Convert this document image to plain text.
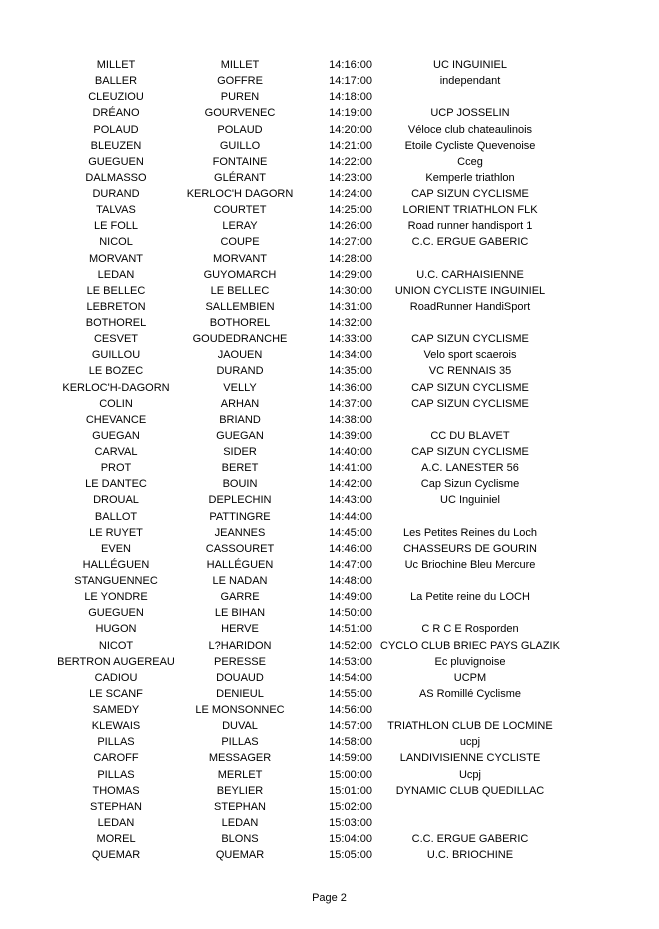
MILLET	MILLET	14:16:00	UC INGUINIEL
BALLER	GOFFRE	14:17:00	independant
CLEUZIOU	PUREN	14:18:00
DRÉANO	GOURVENEC	14:19:00	UCP JOSSELIN
POLAUD	POLAUD	14:20:00	Véloce club chateaulinois
BLEUZEN	GUILLO	14:21:00	Etoile Cycliste Quevenoise
GUEGUEN	FONTAINE	14:22:00	Cceg
DALMASSO	GLÉRANT	14:23:00	Kemperle triathlon
DURAND	KERLOC'H DAGORN	14:24:00	CAP SIZUN CYCLISME
TALVAS	COURTET	14:25:00	LORIENT TRIATHLON FLK
LE FOLL	LERAY	14:26:00	Road runner handisport 1
NICOL	COUPE	14:27:00	C.C. ERGUE GABERIC
MORVANT	MORVANT	14:28:00
LEDAN	GUYOMARCH	14:29:00	U.C. CARHAISIENNE
LE BELLEC	LE BELLEC	14:30:00	UNION CYCLISTE INGUINIEL
LEBRETON	SALLEMBIEN	14:31:00	RoadRunner HandiSport
BOTHOREL	BOTHOREL	14:32:00
CESVET	GOUDEDRANCHE	14:33:00	CAP SIZUN CYCLISME
GUILLOU	JAOUEN	14:34:00	Velo sport scaerois
LE BOZEC	DURAND	14:35:00	VC RENNAIS 35
KERLOC'H-DAGORN	VELLY	14:36:00	CAP SIZUN CYCLISME
COLIN	ARHAN	14:37:00	CAP SIZUN CYCLISME
CHEVANCE	BRIAND	14:38:00
GUEGAN	GUEGAN	14:39:00	CC DU BLAVET
CARVAL	SIDER	14:40:00	CAP SIZUN CYCLISME
PROT	BERET	14:41:00	A.C. LANESTER 56
LE DANTEC	BOUIN	14:42:00	Cap Sizun Cyclisme
DROUAL	DEPLECHIN	14:43:00	UC Inguiniel
BALLOT	PATTINGRE	14:44:00
LE RUYET	JEANNES	14:45:00	Les Petites Reines du Loch
EVEN	CASSOURET	14:46:00	CHASSEURS DE GOURIN
HALLÉGUEN	HALLÉGUEN	14:47:00	Uc Briochine Bleu Mercure
STANGUENNEC	LE NADAN	14:48:00
LE YONDRE	GARRE	14:49:00	La Petite reine du LOCH
GUEGUEN	LE BIHAN	14:50:00
HUGON	HERVE	14:51:00	C R C E Rosporden
NICOT	L?HARIDON	14:52:00 CYCLO CLUB BRIEC PAYS GLAZIK
BERTRON AUGEREAU	PERESSE	14:53:00	Ec pluvignoise
CADIOU	DOUAUD	14:54:00	UCPM
LE SCANF	DENIEUL	14:55:00	AS Romillé Cyclisme
SAMEDY	LE MONSONNEC	14:56:00
KLEWAIS	DUVAL	14:57:00	TRIATHLON CLUB DE LOCMINE
PILLAS	PILLAS	14:58:00	ucpj
CAROFF	MESSAGER	14:59:00	LANDIVISIENNE CYCLISTE
PILLAS	MERLET	15:00:00	Ucpj
THOMAS	BEYLIER	15:01:00	DYNAMIC CLUB QUEDILLAC
STEPHAN	STEPHAN	15:02:00
LEDAN	LEDAN	15:03:00
MOREL	BLONS	15:04:00	C.C. ERGUE GABERIC
QUEMAR	QUEMAR	15:05:00	U.C. BRIOCHINE
Page 2
